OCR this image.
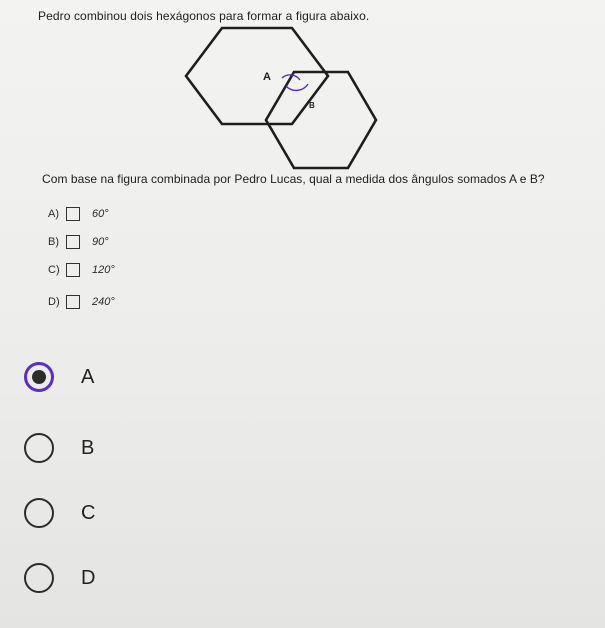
Pedro combinou dois hexágonos para formar a figura abaixo.
A
B
Com base na figura combinada por Pedro Lucas, qual a medida dos ângulos somados A e B?
A)	60°
B)	90°
C)	120°
D)	240°
A
B
C
D
